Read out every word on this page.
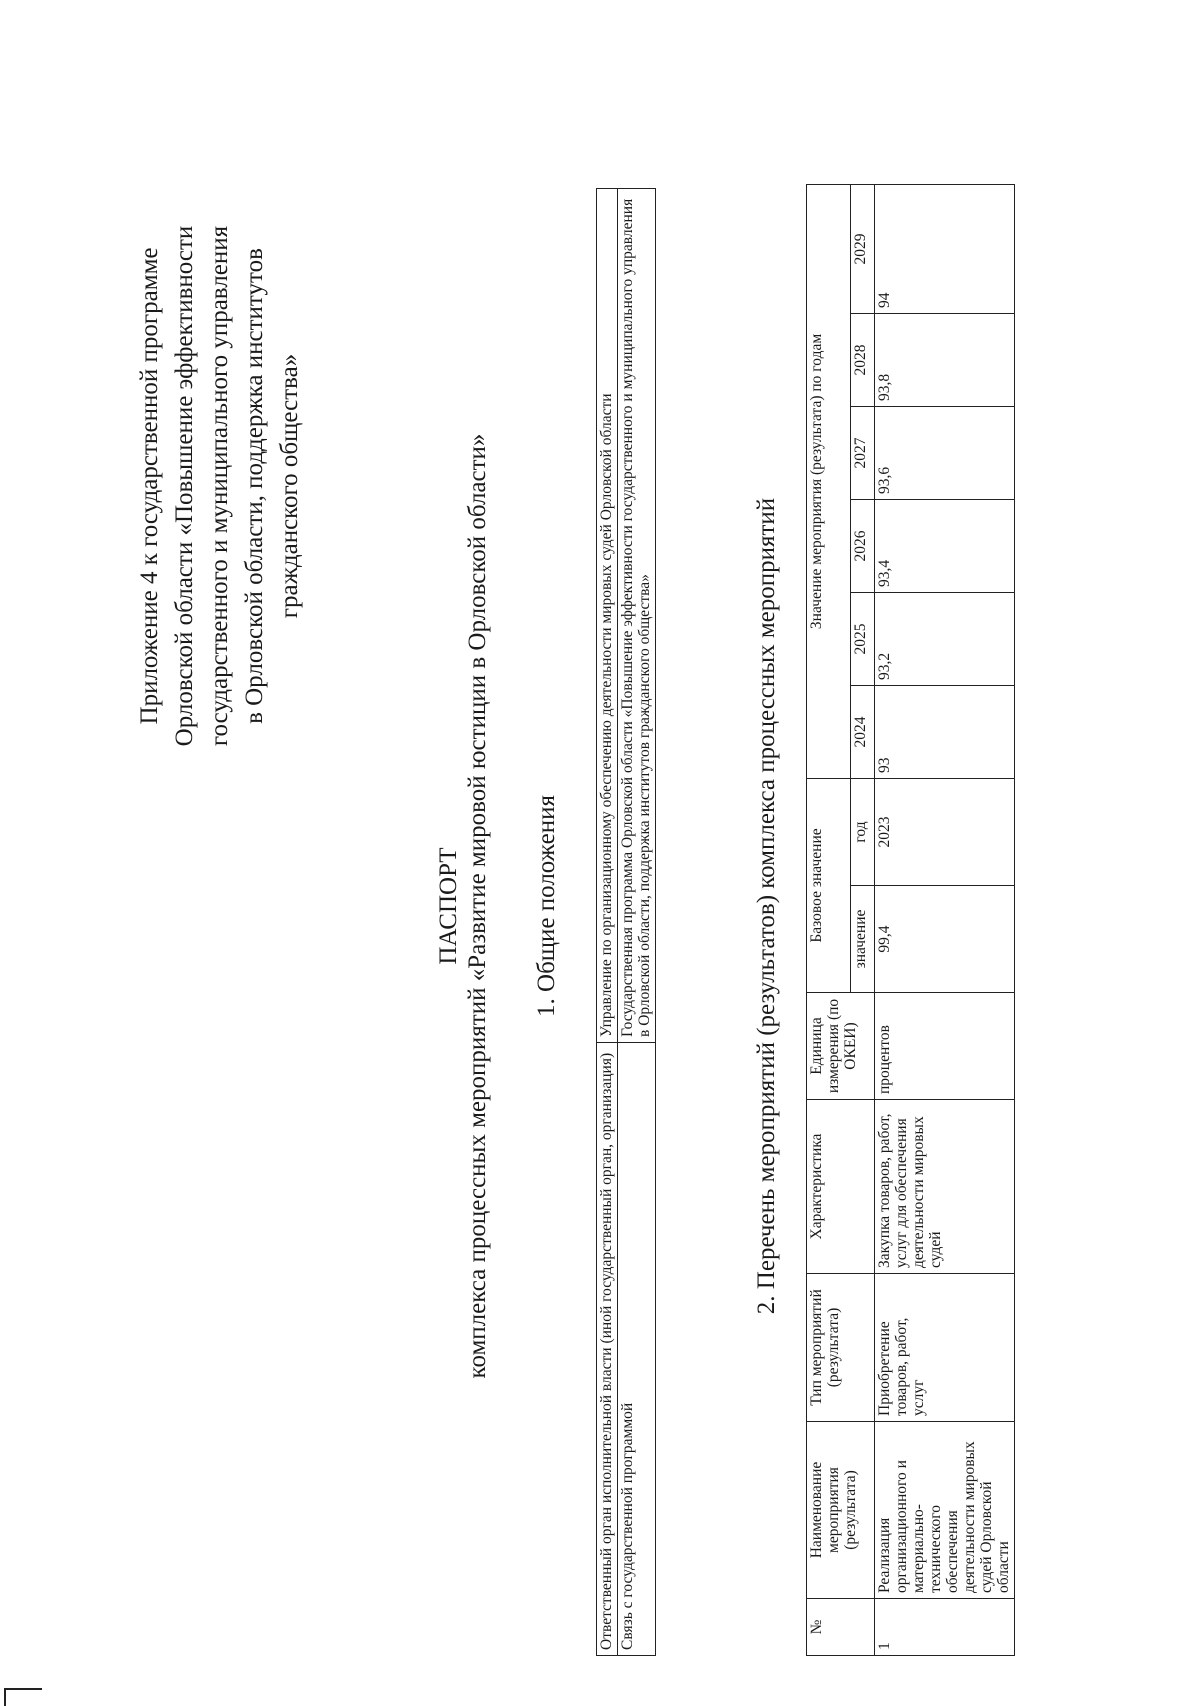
Приложение 4 к государственной программе Орловской области «Повышение эффективности государственного и муниципального управления в Орловской области, поддержка институтов гражданского общества»
ПАСПОРТ комплекса процессных мероприятий «Развитие мировой юстиции в Орловской области» 1. Общие положения
Ответственный орган исполнительной власти (иной государственный орган, организация)	Управление по организационному обеспечению деятельности мировых судей Орловской области
Связь с государственной программой	Государственная программа Орловской области «Повышение эффективности государственного и муниципального управления в Орловской области, поддержка институтов гражданского общества»	2. Перечень мероприятий (результатов) комплекса процессных мероприятий
№	Наименование мероприятия (результата)	Тип мероприятий (результата)	Характеристика	Единица измерения (по ОКЕИ)	Базовое значение		Значение мероприятия (результата) по годам					
					значение	год	2024	2025	2026	2027	2028	2029
1	Реализация организационного и материально-технического обеспечения деятельности мировых судей Орловской области	Приобретение товаров, работ, услуг	Закупка товаров, работ, услуг для обеспечения деятельности мировых судей	процентов	99,4	2023	93	93,2	93,4	93,6	93,8	94
